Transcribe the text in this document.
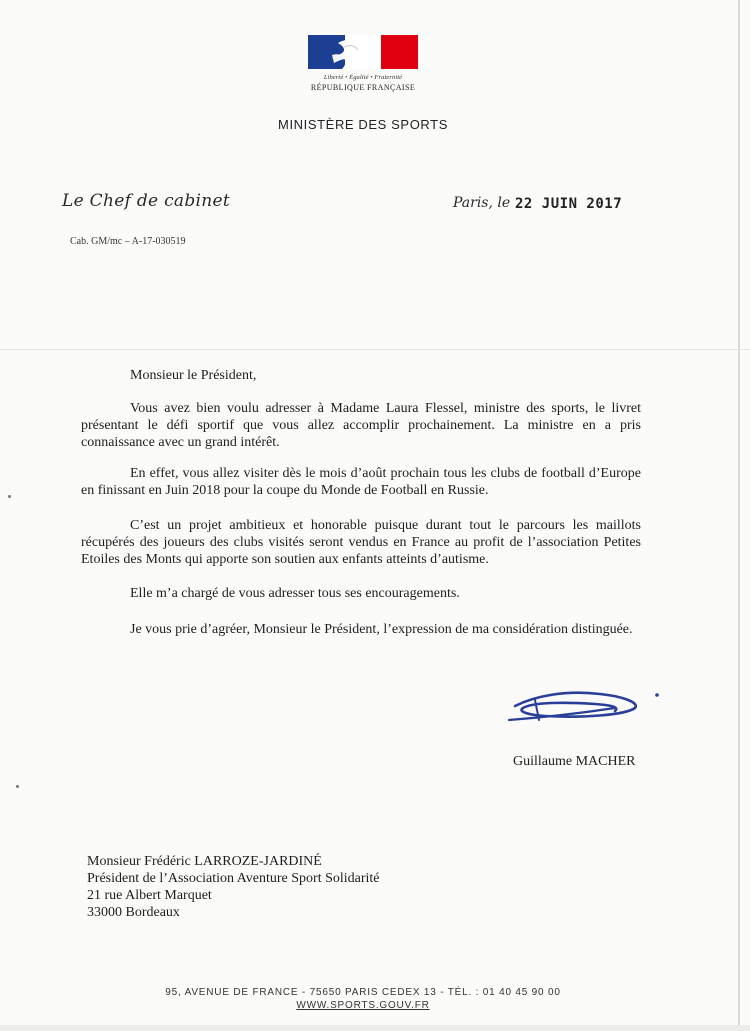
Liberté • Égalité • Fraternité
RÉPUBLIQUE FRANÇAISE
MINISTÈRE DES SPORTS
Le Chef de cabinet	Paris, le 22 JUIN 2017
Cab. GM/mc – A-17-030519
Monsieur le Président,
Vous avez bien voulu adresser à Madame Laura Flessel, ministre des sports, le livret présentant le défi sportif que vous allez accomplir prochainement. La ministre en a pris connaissance avec un grand intérêt.
En effet, vous allez visiter dès le mois d’août prochain tous les clubs de football d’Europe en finissant en Juin 2018 pour la coupe du Monde de Football en Russie.
C’est un projet ambitieux et honorable puisque durant tout le parcours les maillots récupérés des joueurs des clubs visités seront vendus en France au profit de l’association Petites Etoiles des Monts qui apporte son soutien aux enfants atteints d’autisme.
Elle m’a chargé de vous adresser tous ses encouragements.
Je vous prie d’agréer, Monsieur le Président, l’expression de ma considération distinguée.
Guillaume MACHER
Monsieur Frédéric LARROZE-JARDINÉ
Président de l’Association Aventure Sport Solidarité
21 rue Albert Marquet
33000 Bordeaux
95, AVENUE DE FRANCE - 75650 PARIS CEDEX 13 - TÉL. : 01 40 45 90 00
WWW.SPORTS.GOUV.FR
